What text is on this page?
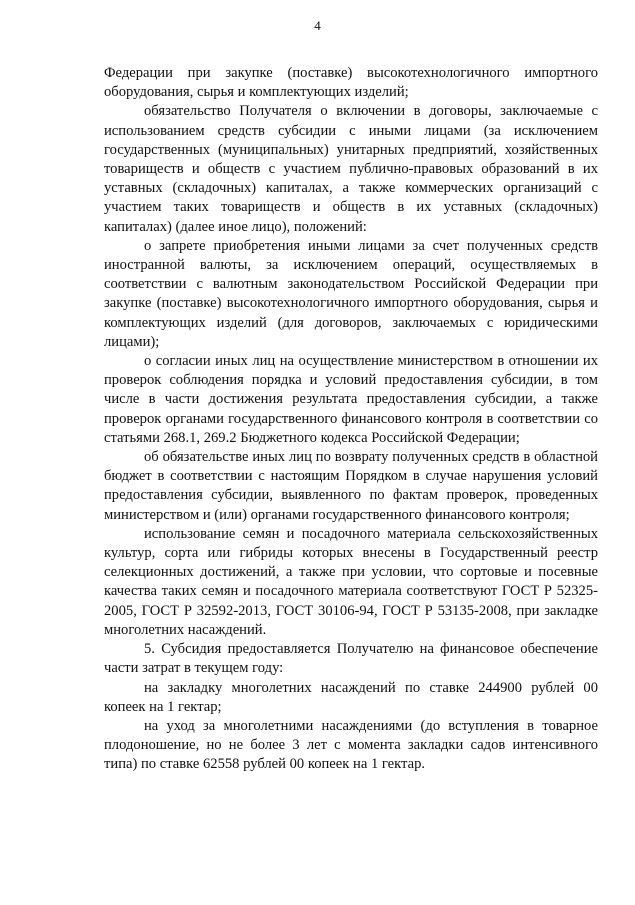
4

Федерации при закупке (поставке) высокотехнологичного импортного оборудования, сырья и комплектующих изделий;

обязательство Получателя о включении в договоры, заключаемые с использованием средств субсидии с иными лицами (за исключением государственных (муниципальных) унитарных предприятий, хозяйственных товариществ и обществ с участием публично-правовых образований в их уставных (складочных) капиталах, а также коммерческих организаций с участием таких товариществ и обществ в их уставных (складочных) капиталах) (далее иное лицо), положений:

о запрете приобретения иными лицами за счет полученных средств иностранной валюты, за исключением операций, осуществляемых в соответствии с валютным законодательством Российской Федерации при закупке (поставке) высокотехнологичного импортного оборудования, сырья и комплектующих изделий (для договоров, заключаемых с юридическими лицами);

о согласии иных лиц на осуществление министерством в отношении их проверок соблюдения порядка и условий предоставления субсидии, в том числе в части достижения результата предоставления субсидии, а также проверок органами государственного финансового контроля в соответствии со статьями 268.1, 269.2 Бюджетного кодекса Российской Федерации;

об обязательстве иных лиц по возврату полученных средств в областной бюджет в соответствии с настоящим Порядком в случае нарушения условий предоставления субсидии, выявленного по фактам проверок, проведенных министерством и (или) органами государственного финансового контроля;

использование семян и посадочного материала сельскохозяйственных культур, сорта или гибриды которых внесены в Государственный реестр селекционных достижений, а также при условии, что сортовые и посевные качества таких семян и посадочного материала соответствуют ГОСТ Р 52325-2005, ГОСТ Р 32592-2013, ГОСТ 30106-94, ГОСТ Р 53135-2008, при закладке многолетних насаждений.

5. Субсидия предоставляется Получателю на финансовое обеспечение части затрат в текущем году:

на закладку многолетних насаждений по ставке 244900 рублей 00 копеек на 1 гектар;

на уход за многолетними насаждениями (до вступления в товарное плодоношение, но не более 3 лет с момента закладки садов интенсивного типа) по ставке 62558 рублей 00 копеек на 1 гектар.
